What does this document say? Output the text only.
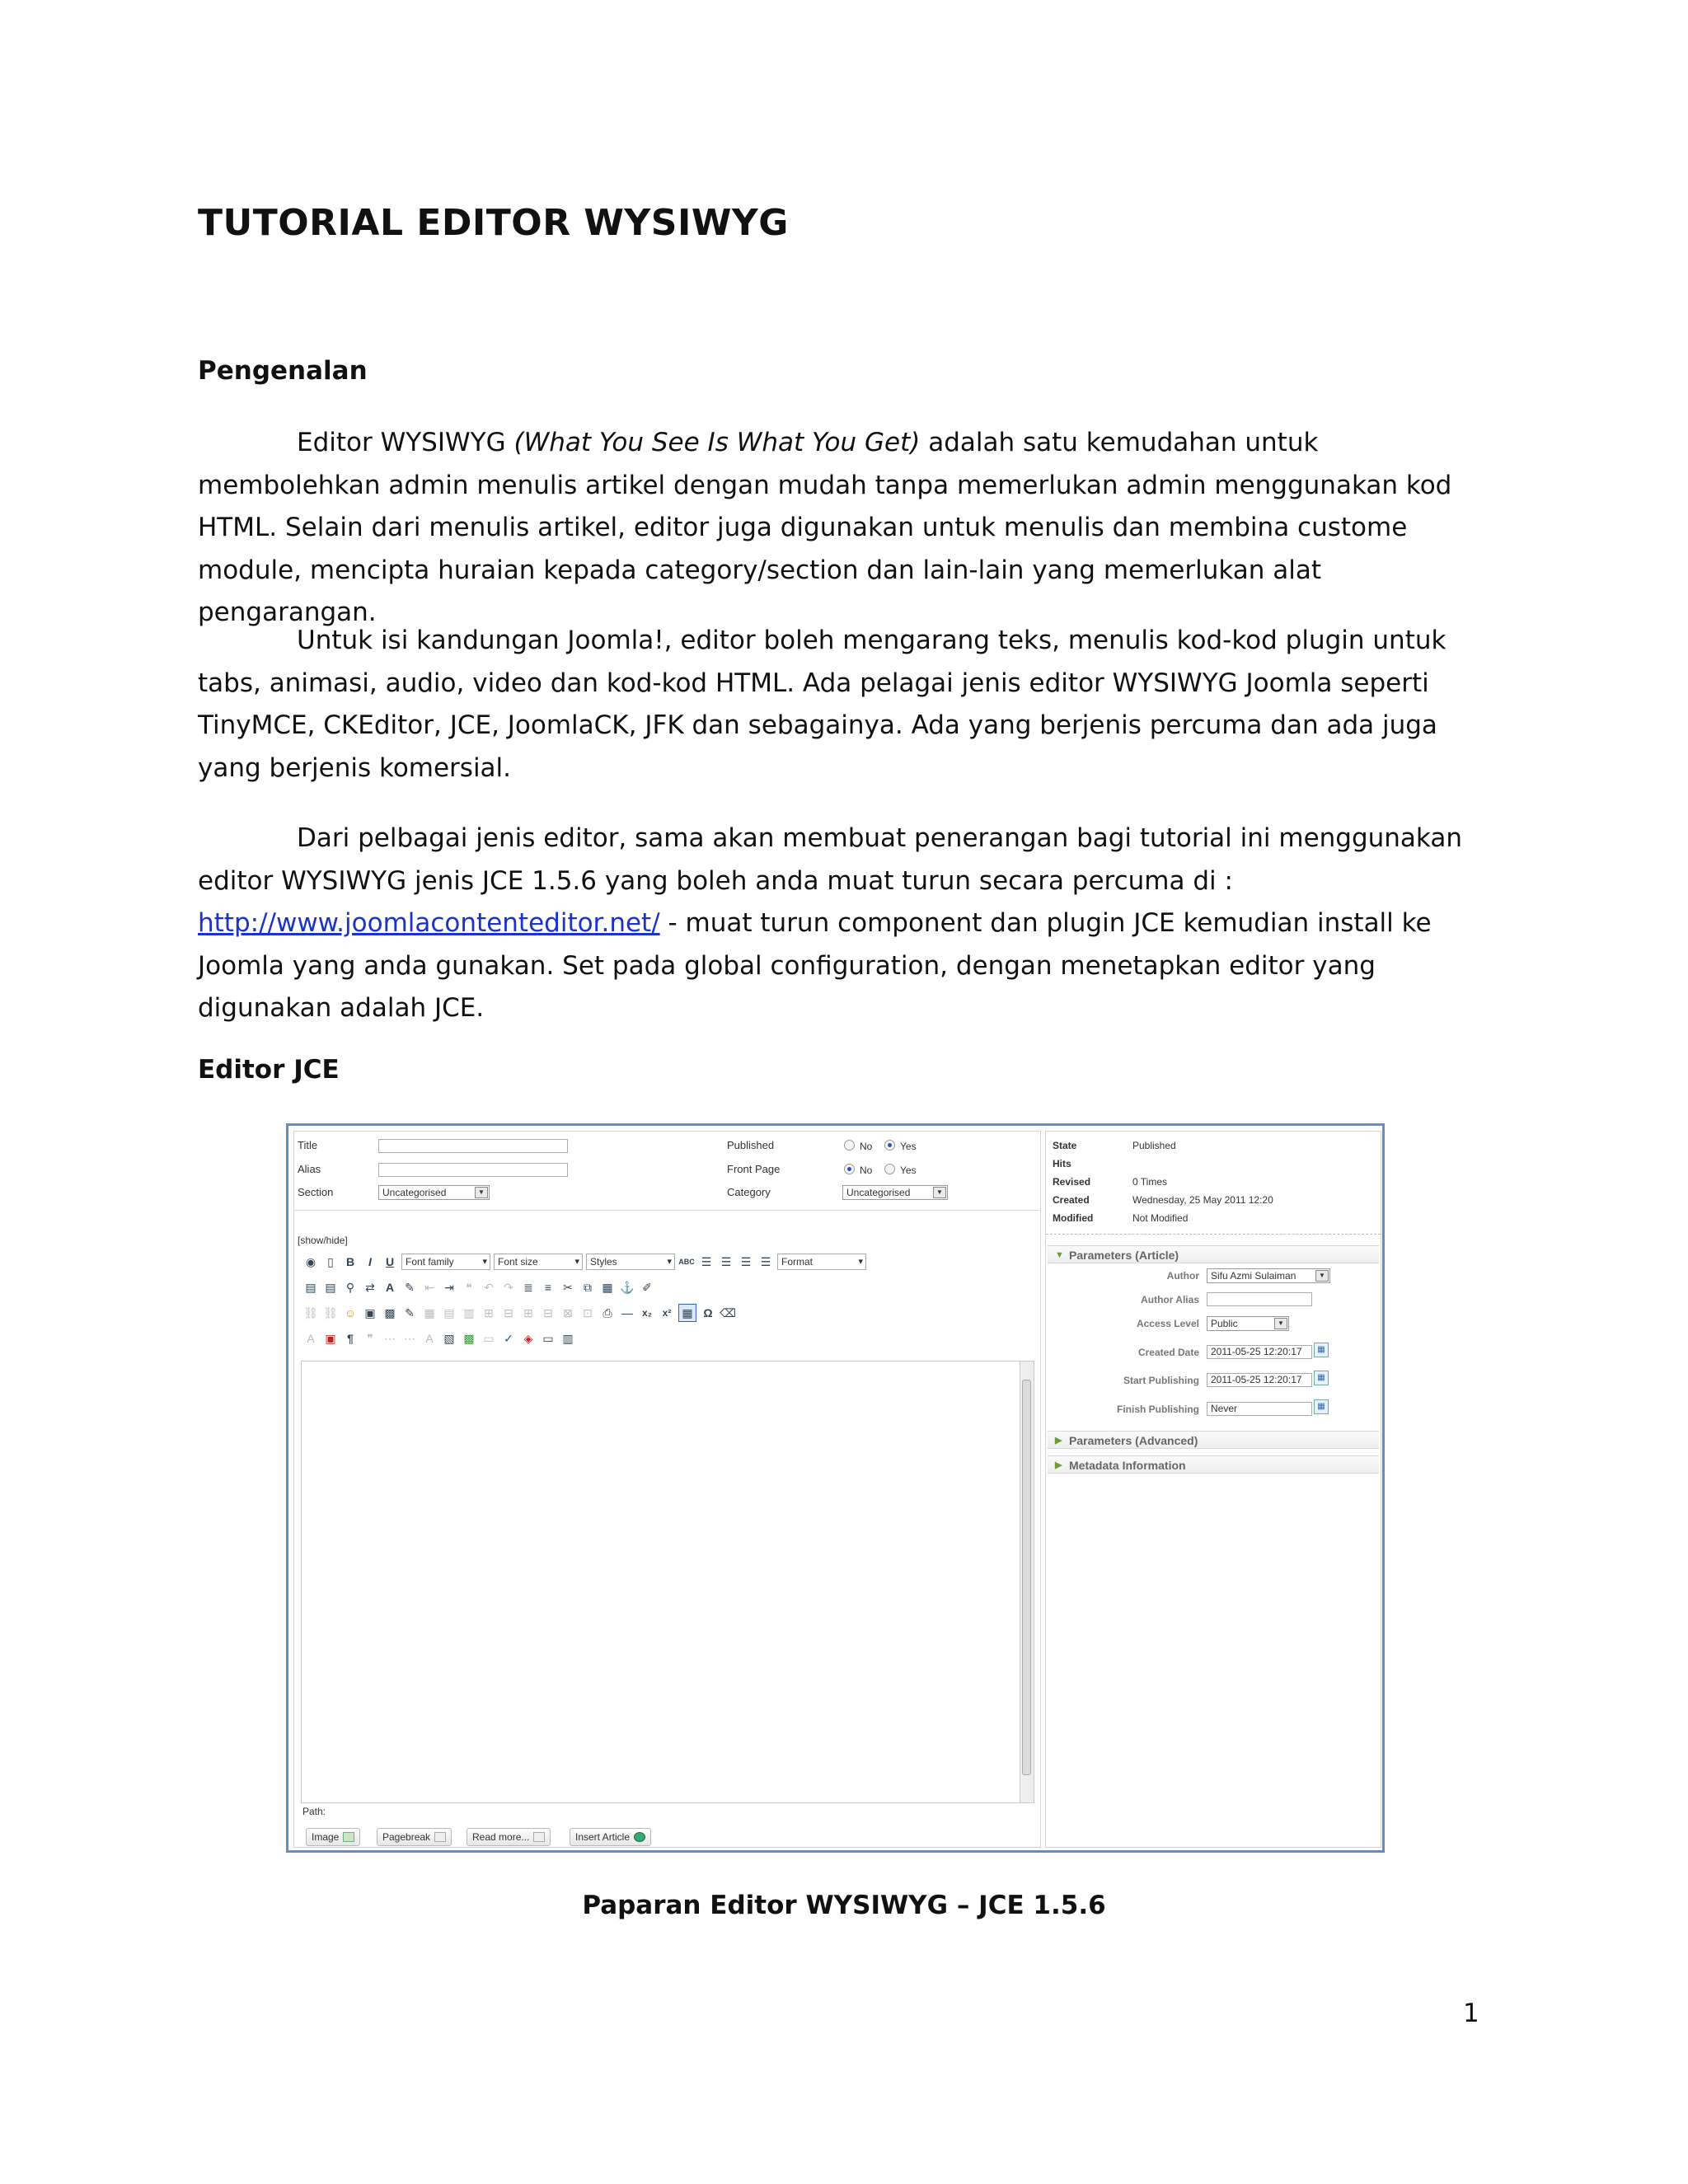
TUTORIAL EDITOR WYSIWYG
Pengenalan

Editor WYSIWYG (What You See Is What You Get) adalah satu kemudahan untuk membolehkan admin menulis artikel dengan mudah tanpa memerlukan admin menggunakan kod HTML. Selain dari menulis artikel, editor juga digunakan untuk menulis dan membina custome module, mencipta huraian kepada category/section dan lain-lain yang memerlukan alat pengarangan.

Untuk isi kandungan Joomla!, editor boleh mengarang teks, menulis kod-kod plugin untuk tabs, animasi, audio, video dan kod-kod HTML. Ada pelagai jenis editor WYSIWYG Joomla seperti TinyMCE, CKEditor, JCE, JoomlaCK, JFK dan sebagainya. Ada yang berjenis percuma dan ada juga yang berjenis komersial.

Dari pelbagai jenis editor, sama akan membuat penerangan bagi tutorial ini menggunakan editor WYSIWYG jenis JCE 1.5.6 yang boleh anda muat turun secara percuma di : http://www.joomlacontenteditor.net/ - muat turun component dan plugin JCE kemudian install ke Joomla yang anda gunakan. Set pada global configuration, dengan menetapkan editor yang digunakan adalah JCE.

Editor JCE
Title
Alias
Section	Uncategorised	▼
Published	No	Yes
Front Page	No	Yes
Category	Uncategorised	▼
[show/hide]
◉	▯	B	I	U	Font family ▾	Font size ▾	Styles ▾	ABC ☰ ☰ ☰ ☰	Format ▾
▤ ▤ ⚲ ⇄ A ✎ ⇤ ⇥	❝	↶ ↷ ≣	≡	✂ ⧉ ▦ ⚓ ✐
⛓ ⛓ ☺ ▣ ▩ ✎ ▦ ▤ ▥ ⊞ ⊟ ⊞ ⊟ ⊠ ⊡ ⎙ — x₂	x² ▦ Ω ⌫
A ▣ ¶	❞ ⋯ ⋯ A ▧ ▩ ▭ ✓ ◈ ▭ ▥
Path:
Image	Pagebreak	Read more...	Insert Article
State	Published
Hits
Revised	0 Times
Created	Wednesday, 25 May 2011 12:20
Modified	Not Modified
▼ Parameters (Article)
Author	Sifu Azmi Sulaiman	▼
Author Alias
Access Level	Public	▼
Created Date	2011-05-25 12:20:17	▦
Start Publishing	2011-05-25 12:20:17	▦
Finish Publishing	Never	▦
▶ Parameters (Advanced)
▶ Metadata Information
Paparan Editor WYSIWYG – JCE 1.5.6
1
